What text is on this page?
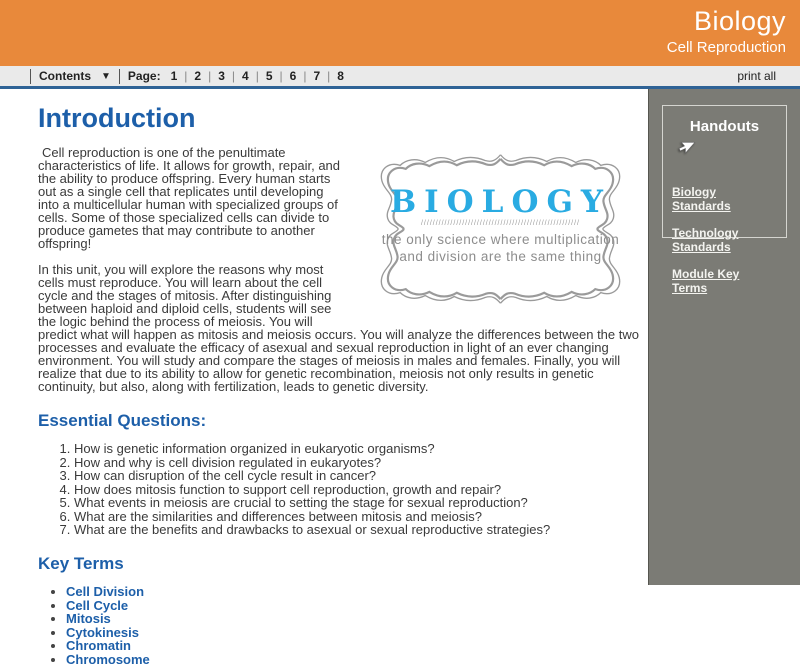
Biology
Cell Reproduction
Contents ▼ Page: 1 | 2 | 3 | 4 | 5 | 6 | 7 | 8	print all
Introduction
BIOLOGY
//////////////////////////////////////////////////////
the only science where multiplication
and division are the same thing

Cell reproduction is one of the penultimate characteristics of life. It allows for growth, repair, and the ability to produce offspring. Every human starts out as a single cell that replicates until developing into a multicellular human with specialized groups of cells. Some of those specialized cells can divide to produce gametes that may contribute to another offspring!

In this unit, you will explore the reasons why most cells must reproduce. You will learn about the cell cycle and the stages of mitosis. After distinguishing between haploid and diploid cells, students will see the logic behind the process of meiosis. You will predict what will happen as mitosis and meiosis occurs. You will analyze the differences between the two processes and evaluate the efficacy of asexual and sexual reproduction in light of an ever changing environment. You will study and compare the stages of meiosis in males and females. Finally, you will realize that due to its ability to allow for genetic recombination, meiosis not only results in genetic continuity, but also, along with fertilization, leads to genetic diversity.

Essential Questions:
1. How is genetic information organized in eukaryotic organisms?
2. How and why is cell division regulated in eukaryotes?
3. How can disruption of the cell cycle result in cancer?
4. How does mitosis function to support cell reproduction, growth and repair?
5. What events in meiosis are crucial to setting the stage for sexual reproduction?
6. What are the similarities and differences between mitosis and meiosis?
7. What are the benefits and drawbacks to asexual or sexual reproductive strategies?
Key Terms
• Cell Division
• Cell Cycle
• Mitosis
• Cytokinesis
• Chromatin
• Chromosome
Handouts
Biology Standards
Technology Standards
Module Key Terms
